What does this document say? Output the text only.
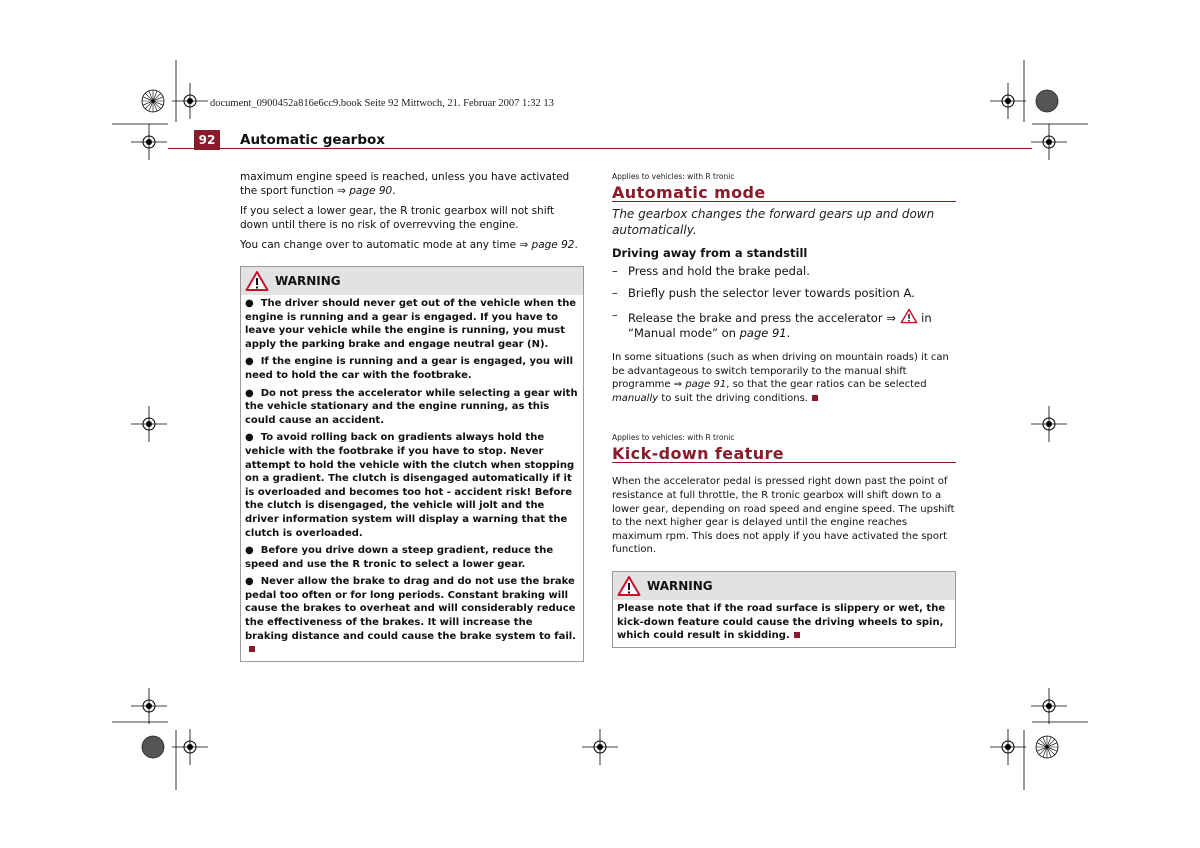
document_0900452a816e6cc9.book Seite 92 Mittwoch, 21. Februar 2007 1:32 13
92	Automatic gearbox

maximum engine speed is reached, unless you have activated the sport function ⇒ page 90.

If you select a lower gear, the R tronic gearbox will not shift down until there is no risk of overrevving the engine.

You can change over to automatic mode at any time ⇒ page 92.

WARNING

●  The driver should never get out of the vehicle when the engine is running and a gear is engaged. If you have to leave your vehicle while the engine is running, you must apply the parking brake and engage neutral gear (N).

●  If the engine is running and a gear is engaged, you will need to hold the car with the footbrake.

●  Do not press the accelerator while selecting a gear with the vehicle stationary and the engine running, as this could cause an accident.

●  To avoid rolling back on gradients always hold the vehicle with the footbrake if you have to stop. Never attempt to hold the vehicle with the clutch when stopping on a gradient. The clutch is disengaged automatically if it is overloaded and becomes too hot - accident risk! Before the clutch is disengaged, the vehicle will jolt and the driver information system will display a warning that the clutch is overloaded.

●  Before you drive down a steep gradient, reduce the speed and use the R tronic to select a lower gear.

●  Never allow the brake to drag and do not use the brake pedal too often or for long periods. Constant braking will cause the brakes to overheat and will considerably reduce the effectiveness of the brakes. It will increase the braking distance and could cause the brake system to fail.

Applies to vehicles: with R tronic
Automatic mode
The gearbox changes the forward gears up and down automatically.
Driving away from a standstill
– Press and hold the brake pedal.
– Briefly push the selector lever towards position A.
– Release the brake and press the accelerator ⇒ in
“Manual mode” on page 91.
In some situations (such as when driving on mountain roads) it can be advantageous to switch temporarily to the manual shift programme ⇒ page 91, so that the gear ratios can be selected manually to suit the driving conditions.
Applies to vehicles: with R tronic
Kick-down feature
When the accelerator pedal is pressed right down past the point of resistance at full throttle, the R tronic gearbox will shift down to a lower gear, depending on road speed and engine speed. The upshift to the next higher gear is delayed until the engine reaches maximum rpm. This does not apply if you have activated the sport function.
WARNING

Please note that if the road surface is slippery or wet, the kick-down feature could cause the driving wheels to spin, which could result in skidding.
